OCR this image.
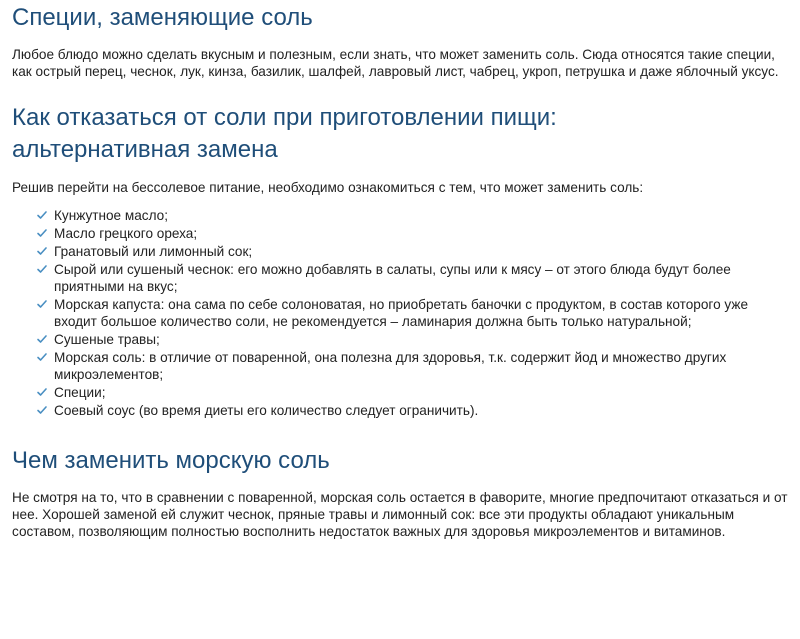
Специи, заменяющие соль

Любое блюдо можно сделать вкусным и полезным, если знать, что может заменить соль. Сюда относятся такие специи, как острый перец, чеснок, лук, кинза, базилик, шалфей, лавровый лист, чабрец, укроп, петрушка и даже яблочный уксус.

Как отказаться от соли при приготовлении пищи:
альтернативная замена

Решив перейти на бессолевое питание, необходимо ознакомиться с тем, что может заменить соль:

Кунжутное масло;
Масло грецкого ореха;
Гранатовый или лимонный сок;
Сырой или сушеный чеснок: его можно добавлять в салаты, супы или к мясу – от этого блюда будут более приятными на вкус;
Морская капуста: она сама по себе солоноватая, но приобретать баночки с продуктом, в состав которого уже входит большое количество соли, не рекомендуется – ламинария должна быть только натуральной;
Сушеные травы;
Морская соль: в отличие от поваренной, она полезна для здоровья, т.к. содержит йод и множество других микроэлементов;
Специи;
Соевый соус (во время диеты его количество следует ограничить).
Чем заменить морскую соль

Не смотря на то, что в сравнении с поваренной, морская соль остается в фаворите, многие предпочитают отказаться и от нее. Хорошей заменой ей служит чеснок, пряные травы и лимонный сок: все эти продукты обладают уникальным составом, позволяющим полностью восполнить недостаток важных для здоровья микроэлементов и витаминов.
